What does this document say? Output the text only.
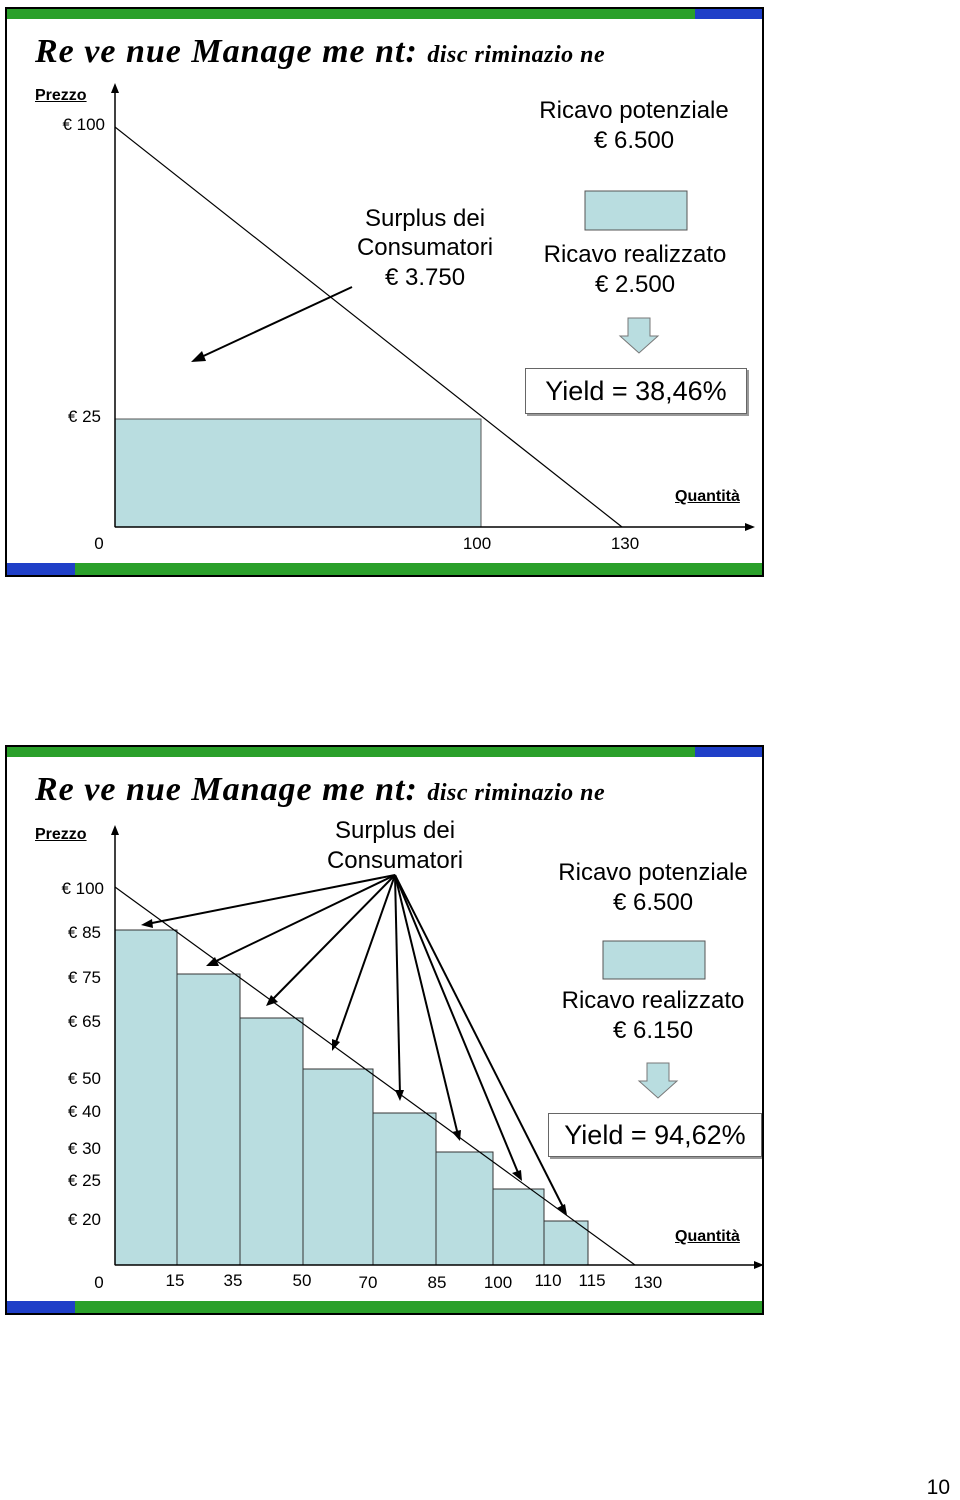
Re ve nue Manage me nt: disc riminazio ne
Prezzo
Quantità
€ 100
€ 25
0	100	130
Ricavo potenziale
€ 6.500
Surplus dei
Consumatori
€ 3.750
Ricavo realizzato
€ 2.500
Yield = 38,46%
Re ve nue Manage me nt: disc riminazio ne
Prezzo
Quantità
€ 100
€ 85
€ 75
€ 65
€ 50
€ 40
€ 30
€ 25
€ 20
0	15 35	50	70	85 100 110 115 130
Surplus dei
Consumatori	Ricavo potenziale
€ 6.500
Ricavo realizzato
€ 6.150
Yield = 94,62%
10
